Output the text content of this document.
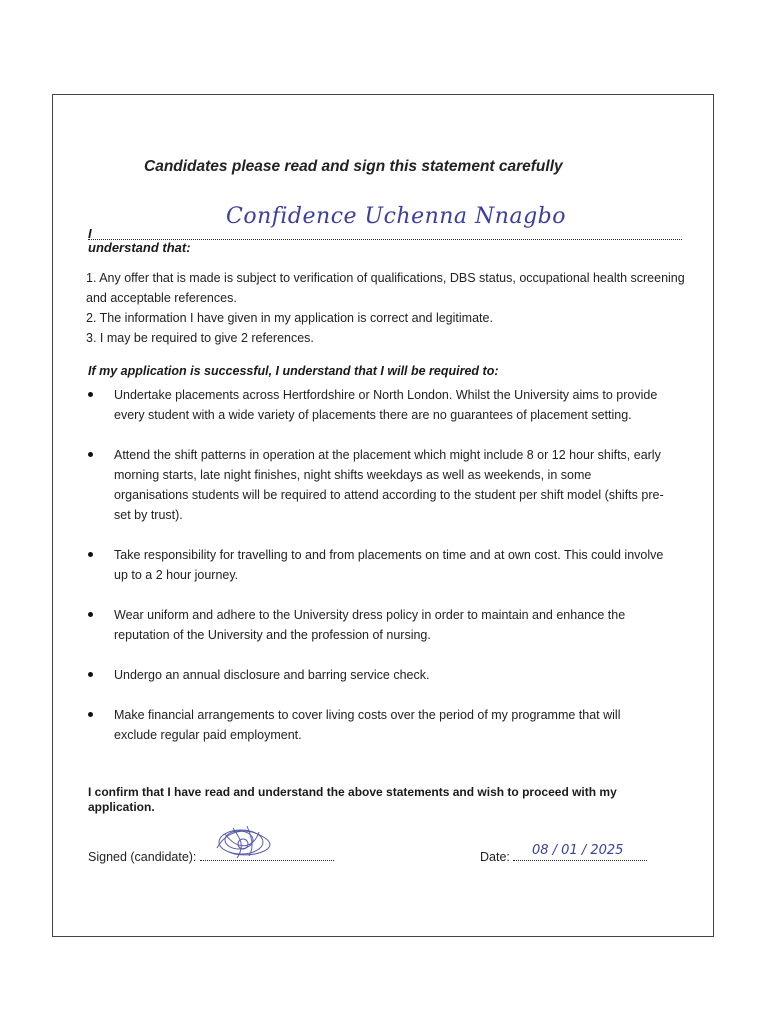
Candidates please read and sign this statement carefully
I
Confidence Uchenna Nnagbo
understand that:
1. Any offer that is made is subject to verification of qualifications, DBS status, occupational health screening and acceptable references.
2. The information I have given in my application is correct and legitimate.
3. I may be required to give 2 references.
If my application is successful, I understand that I will be required to:
Undertake placements across Hertfordshire or North London. Whilst the University aims to provide every student with a wide variety of placements there are no guarantees of placement setting.
Attend the shift patterns in operation at the placement which might include 8 or 12 hour shifts, early morning starts, late night finishes, night shifts weekdays as well as weekends, in some organisations students will be required to attend according to the student per shift model (shifts pre-set by trust).
Take responsibility for travelling to and from placements on time and at own cost. This could involve up to a 2 hour journey.
Wear uniform and adhere to the University dress policy in order to maintain and enhance the reputation of the University and the profession of nursing.
Undergo an annual disclosure and barring service check.
Make financial arrangements to cover living costs over the period of my programme that will exclude regular paid employment.
I confirm that I have read and understand the above statements and wish to proceed with my application.
Signed (candidate):	Date:	08 / 01 / 2025
